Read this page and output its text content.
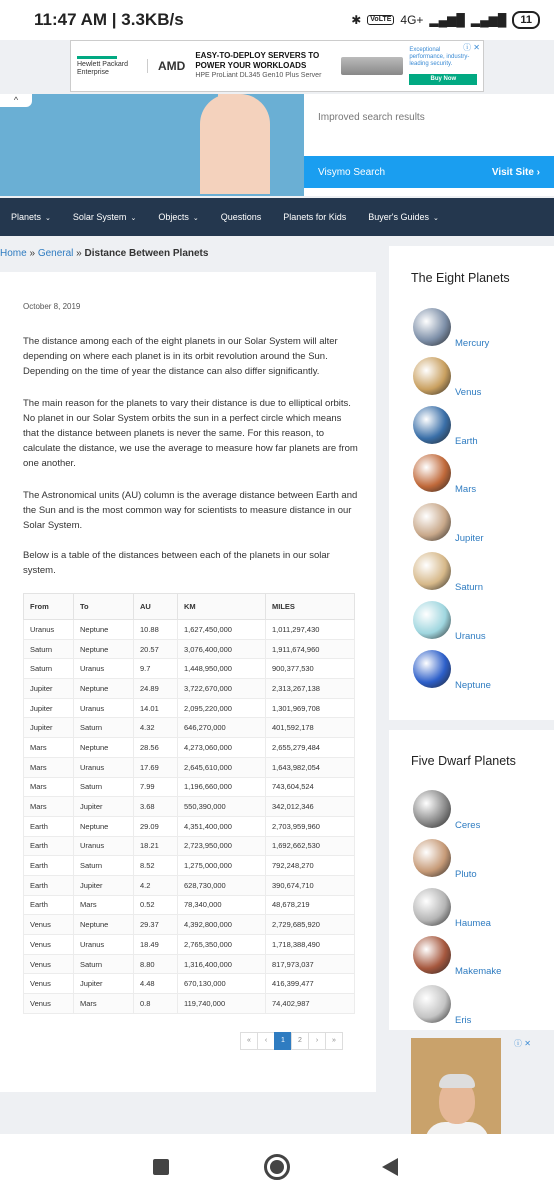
11:47 AM | 3.3KB/s	✱	VoLTE 4G+ ▂▄▆█ ▂▄▆█	11
Hewlett Packard Enterprise	AMD
EASY-TO-DEPLOY SERVERS TO POWER YOUR WORKLOADS
HPE ProLiant DL345 Gen10 Plus Server
Exceptional performance, industry-leading security.
Buy Now
ⓘ ✕
^
Improved search results
Visymo Search	Visit Site ›
Planets ⌄ Solar System ⌄ Objects ⌄ Questions Planets for Kids Buyer's Guides ⌄
Home » General » Distance Between Planets
October 8, 2019

The distance among each of the eight planets in our Solar System will alter depending on where each planet is in its orbit revolution around the Sun. Depending on the time of year the distance can also differ significantly.

The main reason for the planets to vary their distance is due to elliptical orbits. No planet in our Solar System orbits the sun in a perfect circle which means that the distance between planets is never the same. For this reason, to calculate the distance, we use the average to measure how far planets are from one another.

The Astronomical units (AU) column is the average distance between Earth and the Sun and is the most common way for scientists to measure distance in our Solar System.

Below is a table of the distances between each of the planets in our solar system.

From	To	AU	KM	MILES
Uranus	Neptune	10.88	1,627,450,000	1,011,297,430
Saturn	Neptune	20.57	3,076,400,000	1,911,674,960
Saturn	Uranus	9.7	1,448,950,000	900,377,530
Jupiter	Neptune	24.89	3,722,670,000	2,313,267,138
Jupiter	Uranus	14.01	2,095,220,000	1,301,969,708
Jupiter	Saturn	4.32	646,270,000	401,592,178
Mars	Neptune	28.56	4,273,060,000	2,655,279,484
Mars	Uranus	17.69	2,645,610,000	1,643,982,054
Mars	Saturn	7.99	1,196,660,000	743,604,524
Mars	Jupiter	3.68	550,390,000	342,012,346
Earth	Neptune	29.09	4,351,400,000	2,703,959,960
Earth	Uranus	18.21	2,723,950,000	1,692,662,530
Earth	Saturn	8.52	1,275,000,000	792,248,270
Earth	Jupiter	4.2	628,730,000	390,674,710
Earth	Mars	0.52	78,340,000	48,678,219
Venus	Neptune	29.37	4,392,800,000	2,729,685,920
Venus	Uranus	18.49	2,765,350,000	1,718,388,490
Venus	Saturn	8.80	1,316,400,000	817,973,037
Venus	Jupiter	4.48	670,130,000	416,399,477
Venus	Mars	0.8	119,740,000	74,402,987
«	‹	1	2	›	»
The Eight Planets
Mercury
Venus
Earth
Mars
Jupiter
Saturn
Uranus
Neptune
Five Dwarf Planets
Ceres
Pluto
Haumea
Makemake
Eris
ⓘ ✕
